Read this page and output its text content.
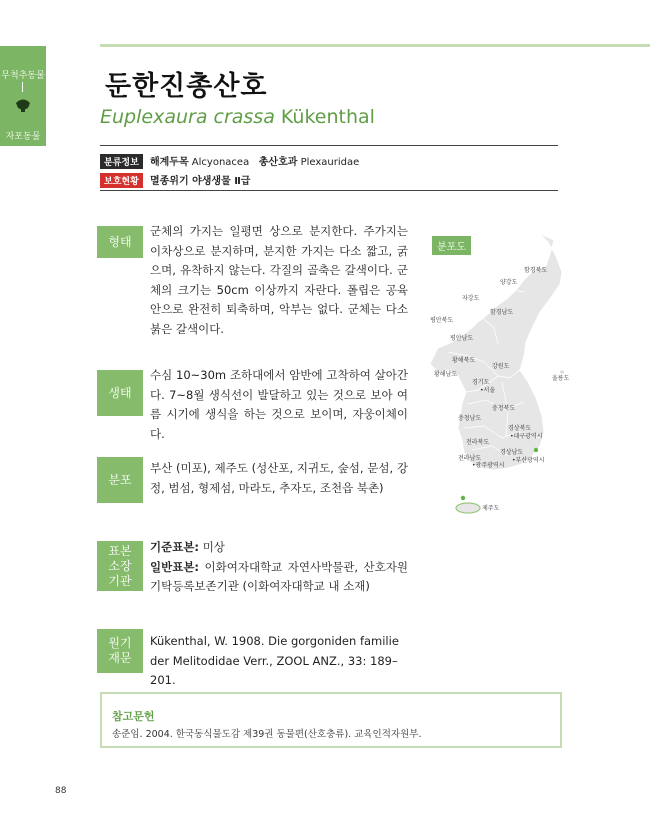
무척추동물
자포동물
둔한진총산호
Euplexaura crassa Kükenthal
분류정보 해계두목 Alcyonacea 총산호과 Plexauridae
보호현황 멸종위기 야생생물 Ⅱ급
형태
군체의 가지는 일평면 상으로 분지한다. 주가지는 이차상으로 분지하며, 분지한 가지는 다소 짧고, 굵으며, 유착하지 않는다. 각질의 골축은 갈색이다. 군체의 크기는 50cm 이상까지 자란다. 폴립은 공육 안으로 완전히 퇴축하며, 악부는 없다. 군체는 다소 붉은 갈색이다.
생태
수심 10~30m 조하대에서 암반에 고착하여 살아간다. 7~8월 생식선이 발달하고 있는 것으로 보아 여름 시기에 생식을 하는 것으로 보이며, 자웅이체이다.
분포
부산 (미포), 제주도 (성산포, 지귀도, 숲섬, 문섬, 강정, 범섬, 형제섬, 마라도, 추자도, 조천읍 북촌)
표본
소장
기관
기준표본: 미상
일반표본: 이화여자대학교 자연사박물관, 산호자원기탁등록보존기관 (이화여자대학교 내 소재)
원기
재문
Kükenthal, W. 1908. Die gorgoniden familie der Melitodidae Verr., ZOOL ANZ., 33: 189–201.
함경북도
양강도
자강도
함경남도
평안북도
평안남도
황해북도
강원도
황해남도
경기도
•서울
울릉도
충청북도
충청남도
경상북도
•대구광역시
전라북도
경상남도
전라남도	•부산광역시
•광주광역시
제주도
분포도
참고문헌
송준임. 2004. 한국동식물도감 제39권 동물편(산호충류). 교육인적자원부.
88
